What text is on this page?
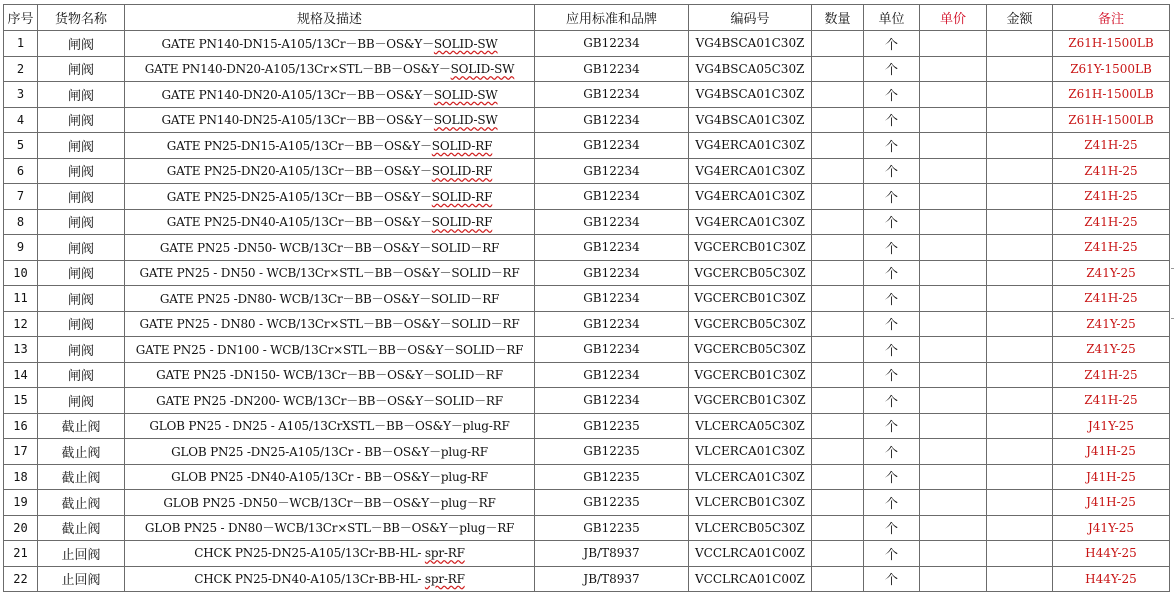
序号	货物名称	规格及描述	应用标准和品牌	编码号	数量	单位	单价	金额	备注
1	闸阀	GATE PN140-DN15-A105/13Cr－BB－OS&Y－SOLID-SW	GB12234	VG4BSCA01C30Z		个			Z61H-1500LB
2	闸阀	GATE PN140-DN20-A105/13Cr×STL－BB－OS&Y－SOLID-SW	GB12234	VG4BSCA05C30Z		个			Z61Y-1500LB
3	闸阀	GATE PN140-DN20-A105/13Cr－BB－OS&Y－SOLID-SW	GB12234	VG4BSCA01C30Z		个			Z61H-1500LB
4	闸阀	GATE PN140-DN25-A105/13Cr－BB－OS&Y－SOLID-SW	GB12234	VG4BSCA01C30Z		个			Z61H-1500LB
5	闸阀	GATE PN25-DN15-A105/13Cr－BB－OS&Y－SOLID-RF	GB12234	VG4ERCA01C30Z		个			Z41H-25
6	闸阀	GATE PN25-DN20-A105/13Cr－BB－OS&Y－SOLID-RF	GB12234	VG4ERCA01C30Z		个			Z41H-25
7	闸阀	GATE PN25-DN25-A105/13Cr－BB－OS&Y－SOLID-RF	GB12234	VG4ERCA01C30Z		个			Z41H-25
8	闸阀	GATE PN25-DN40-A105/13Cr－BB－OS&Y－SOLID-RF	GB12234	VG4ERCA01C30Z		个			Z41H-25
9	闸阀	GATE PN25 -DN50- WCB/13Cr－BB－OS&Y－SOLID－RF	GB12234	VGCERCB01C30Z		个			Z41H-25
10	闸阀	GATE PN25 - DN50 - WCB/13Cr×STL－BB－OS&Y－SOLID－RF	GB12234	VGCERCB05C30Z		个			Z41Y-25
11	闸阀	GATE PN25 -DN80- WCB/13Cr－BB－OS&Y－SOLID－RF	GB12234	VGCERCB01C30Z		个			Z41H-25
12	闸阀	GATE PN25 - DN80 - WCB/13Cr×STL－BB－OS&Y－SOLID－RF	GB12234	VGCERCB05C30Z		个			Z41Y-25
13	闸阀	GATE PN25 - DN100 - WCB/13Cr×STL－BB－OS&Y－SOLID－RF	GB12234	VGCERCB05C30Z		个			Z41Y-25
14	闸阀	GATE PN25 -DN150- WCB/13Cr－BB－OS&Y－SOLID－RF	GB12234	VGCERCB01C30Z		个			Z41H-25
15	闸阀	GATE PN25 -DN200- WCB/13Cr－BB－OS&Y－SOLID－RF	GB12234	VGCERCB01C30Z		个			Z41H-25
16	截止阀	GLOB PN25 - DN25 - A105/13CrXSTL－BB－OS&Y－plug-RF	GB12235	VLCERCA05C30Z		个			J41Y-25
17	截止阀	GLOB PN25 -DN25-A105/13Cr - BB－OS&Y－plug-RF	GB12235	VLCERCA01C30Z		个			J41H-25
18	截止阀	GLOB PN25 -DN40-A105/13Cr - BB－OS&Y－plug-RF	GB12235	VLCERCA01C30Z		个			J41H-25
19	截止阀	GLOB PN25 -DN50－WCB/13Cr－BB－OS&Y－plug－RF	GB12235	VLCERCB01C30Z		个			J41H-25
20	截止阀	GLOB PN25 - DN80－WCB/13Cr×STL－BB－OS&Y－plug－RF	GB12235	VLCERCB05C30Z		个			J41Y-25
21	止回阀	CHCK PN25-DN25-A105/13Cr-BB-HL- spr-RF	JB/T8937	VCCLRCA01C00Z		个			H44Y-25
22	止回阀	CHCK PN25-DN40-A105/13Cr-BB-HL- spr-RF	JB/T8937	VCCLRCA01C00Z		个			H44Y-25
